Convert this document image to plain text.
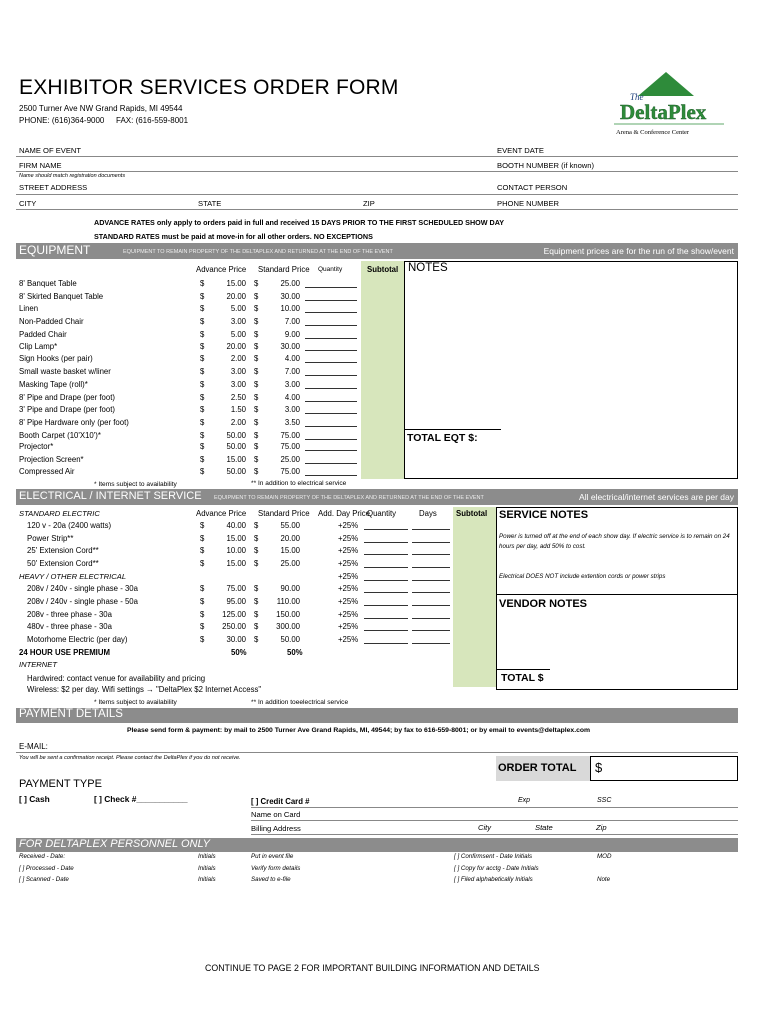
EXHIBITOR SERVICES ORDER FORM
2500 Turner Ave NW Grand Rapids, MI 49544
PHONE: (616)364-9000 FAX: (616-559-8001
The
DeltaPlex
Arena & Conference Center
NAME OF EVENT	EVENT DATE
FIRM NAME	BOOTH NUMBER (if known)
Name should match registration documents
STREET ADDRESS	CONTACT PERSON
CITY	STATE	ZIP	PHONE NUMBER
ADVANCE RATES only apply to orders paid in full and received 15 DAYS PRIOR TO THE FIRST SCHEDULED SHOW DAY
STANDARD RATES must be paid at move-in for all other orders. NO EXCEPTIONS
EQUIPMENT	EQUIPMENT TO REMAIN PROPERTY OF THE DELTAPLEX AND RETURNED AT THE END OF THE EVENT	Equipment prices are for the run of the show/event
Advance Price Standard Price Quantity	Subtotal
8' Banquet Table	$	15.00 $	25.00
8' Skirted Banquet Table	$	20.00 $	30.00
Linen	$	5.00 $	10.00
Non-Padded Chair	$	3.00 $	7.00
Padded Chair	$	5.00 $	9.00
Clip Lamp*	$	20.00 $	30.00
Sign Hooks (per pair)	$	2.00 $	4.00
Small waste basket w/liner	$	3.00 $	7.00
Masking Tape (roll)*	$	3.00 $	3.00
8' Pipe and Drape (per foot)	$	2.50 $	4.00
3' Pipe and Drape (per foot)	$	1.50 $	3.00
8' Pipe Hardware only (per foot)	$	2.00 $	3.50
Booth Carpet (10'X10')*	$	50.00 $	75.00
Projector*	$	50.00 $	75.00
Projection Screen*	$	15.00 $	25.00
Compressed Air	$	50.00 $	75.00
NOTES
TOTAL EQT $:
* Items subject to availability	** In addition to electrical service
ELECTRICAL / INTERNET SERVICE EQUIPMENT TO REMAIN PROPERTY OF THE DELTAPLEX AND RETURNED AT THE END OF THE EVENT	All electrical/internet services are per day
STANDARD ELECTRIC	Advance Price Standard Price Add. Day Price
Quantity	Days Subtotal
120 v - 20a (2400 watts)	$	40.00 $	55.00	+25%
Power Strip**	$	15.00 $	20.00	+25%
25' Extension Cord**	$	10.00 $	15.00	+25%
50' Extension Cord**	$	15.00 $	25.00	+25%
HEAVY / OTHER ELECTRICAL	+25%
208v / 240v - single phase - 30a	$	75.00 $	90.00	+25%
208v / 240v - single phase - 50a	$	95.00 $	110.00	+25%
208v - three phase - 30a	$	125.00 $	150.00	+25%
480v - three phase - 30a	$	250.00 $	300.00	+25%
Motorhome Electric (per day)	$	30.00 $	50.00	+25%
24 HOUR USE PREMIUM	50%	50%
INTERNET
Hardwired: contact venue for availability and pricing
Wireless: $2 per day. Wifi settings → "DeltaPlex $2 Internet Access"
* Items subject to availability	** In addition toeelectrical service
SERVICE NOTES
Power is turned off at the end of each show day. If electric service is to remain on 24 hours per day, add 50% to cost.
Electrical DOES NOT include extention cords or power strips
VENDOR NOTES
TOTAL $
PAYMENT DETAILS
Please send form & payment: by mail to 2500 Turner Ave Grand Rapids, MI, 49544; by fax to 616-559-8001; or by email to events@deltaplex.com
E-MAIL:
You will be sent a confirmation receipt. Please contact the DeltaPlex if you do not receive.
ORDER TOTAL $
PAYMENT TYPE
[ ] Cash	[ ] Check #___________	[ ] Credit Card #	Exp	SSC
Name on Card
Billing Address	City	State	Zip
FOR DELTAPLEX PERSONNEL ONLY
Received - Date:	Initials	Put in event file	[ ] Confirmsent - Date Initials	MOD
[ ] Processed - Date	Initials	Verify form details	[ ] Copy for acctg - Date Initials
[ ] Scanned - Date	Initials	Saved to e-file	[ ] Filed alphabetically Initials	Note
CONTINUE TO PAGE 2 FOR IMPORTANT BUILDING INFORMATION AND DETAILS
